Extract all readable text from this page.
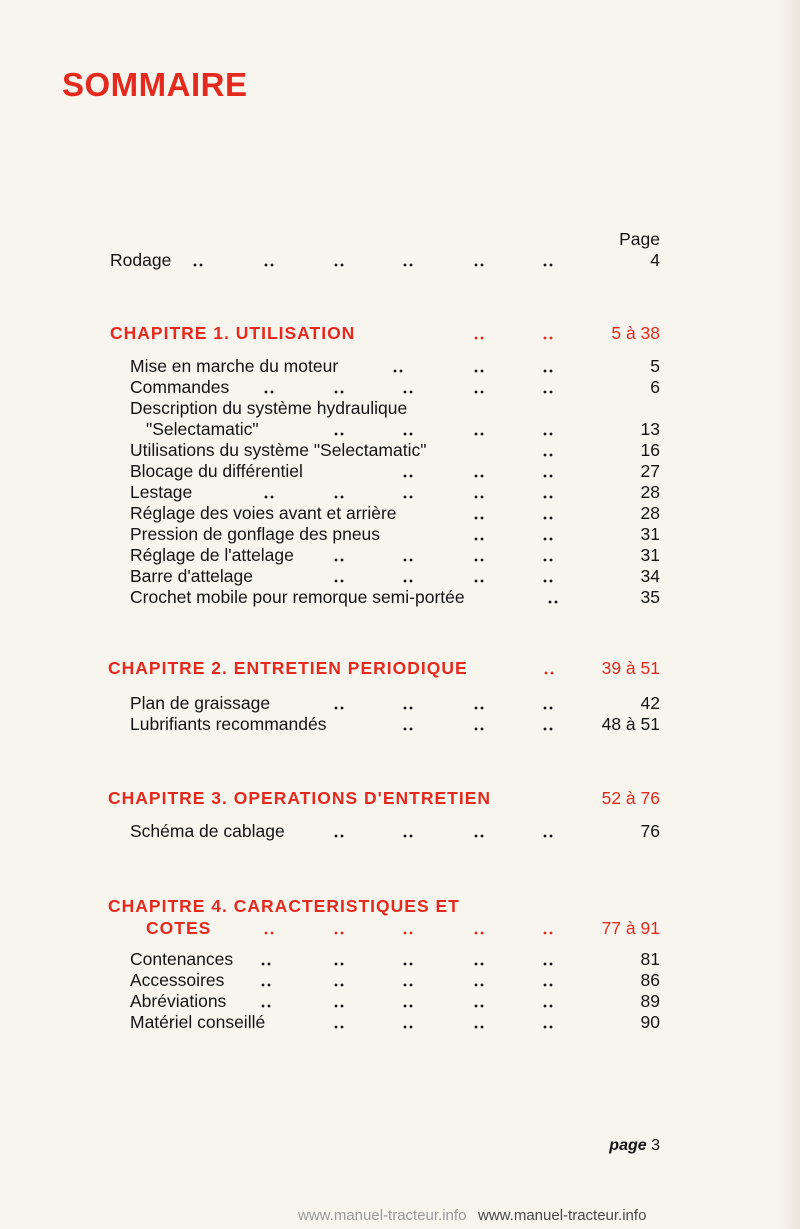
SOMMAIRE
Page
Rodage	4
CHAPITRE 1. UTILISATION	5 à 38
Mise en marche du moteur	5
Commandes	6
Description du système hydraulique
"Selectamatic"	13
Utilisations du système "Selectamatic"	16
Blocage du différentiel	27
Lestage	28
Réglage des voies avant et arrière	28
Pression de gonflage des pneus	31
Réglage de l'attelage	31
Barre d'attelage	34
Crochet mobile pour remorque semi-portée	35
CHAPITRE 2. ENTRETIEN PERIODIQUE	39 à 51
Plan de graissage	42
Lubrifiants recommandés	48 à 51
CHAPITRE 3. OPERATIONS D'ENTRETIEN	52 à 76
Schéma de cablage	76
CHAPITRE 4. CARACTERISTIQUES ET
COTES	77 à 91
Contenances	81
Accessoires	86
Abréviations	89
Matériel conseillé	90
page 3
www.manuel-tracteur.info www.manuel-tracteur.info
